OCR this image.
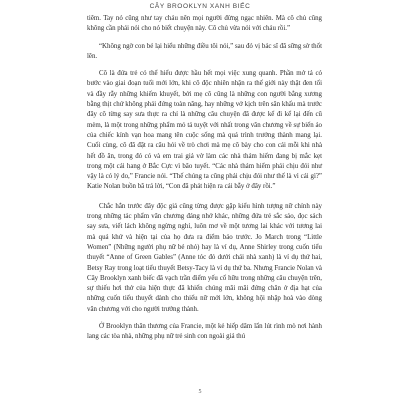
CÂY BROOKLYN XANH BIẾC

tiêm. Tay nó cũng như tay cháu nên mọi người đừng ngạc nhiên. Mà cô chủ cũng không cần phải nói cho nó biết chuyện này. Cô chủ vừa nói với cháu rồi.”

“Không ngờ con bé lại hiểu những điều tôi nói,” sau đó vị bác sĩ đã sững sờ thốt lên.

Cô là đứa trẻ có thể hiểu được hầu hết mọi việc xung quanh. Phần mở tả có bước vào giai đoạn tuổi mới lớn, khi cô độc nhiên nhận ra thế giới này thật đen tối và đầy rẫy những khiếm khuyết, bởi mẹ cô cũng là những con người bằng xương bằng thịt chứ không phải đứng toàn năng, hay những vở kịch trên sân khấu mà trước đây cô từng say sưa thực ra chỉ là những câu chuyện đã được kể đi kể lại đến cũ mèm, là một trong những phẩm mỏ tả tuyệt với nhất trong văn chương về sự biến áo của chiếc kính vạn hoa mang tên cuộc sống mà quá trình trưởng thành mang lại. Cuối cùng, cô đã đặt ra câu hỏi về trò chơi mà mẹ cô bày cho con cái mỗi khi nhà hết đồ ăn, trong đó có và em trai giả vờ làm các nhà thám hiểm đang bị mắc kẹt trong một cái hang ở Bắc Cực vì bão tuyết. “Các nhà thám hiểm phải chịu đói như vậy là có lý do,” Francie nói. “Thế chúng ta cũng phải chịu đói như thế là vì cái gì?” Katie Nolan buồn bã trả lời, “Con đã phát hiện ra cái bẫy ở đây rồi.”

Chắc hẳn trước đây độc giả cũng từng được gặp kiểu hình tượng nữ chính này trong những tác phẩm văn chương đáng nhớ khác, những đứa trẻ sắc sảo, đọc sách say sưa, viết lách không ngừng nghỉ, luôn mơ về một tương lai khác với tương lai mà quá khứ và hiện tại của họ đưa ra điểm báo trước. Jo March trong “Little Women” (Những người phụ nữ bé nhỏ) hay là ví dụ, Anne Shirley trong cuốn tiểu thuyết “Anne of Green Gables” (Anne tóc đỏ dưới chái nhà xanh) là ví dụ thứ hai, Betsy Ray trong loạt tiểu thuyết Betsy-Tacy là ví dụ thứ ba. Nhưng Francie Nolan và Cây Brooklyn xanh biếc đã vạch trần điểm yếu cố hữu trong những câu chuyện trên, sự thiếu hơi thở của hiện thực đã khiến chúng mãi mãi đứng chân ở địa hạt của những cuốn tiểu thuyết dành cho thiếu nữ mới lớn, không hội nhập hoà vào dòng văn chương với cho người trưởng thành.

Ở Brooklyn thân thương của Francie, một kẻ hiếp dâm lẩn lút rình mò nơi hành lang các tòa nhà, những phụ nữ trẻ sinh con ngoài giá thú

5
